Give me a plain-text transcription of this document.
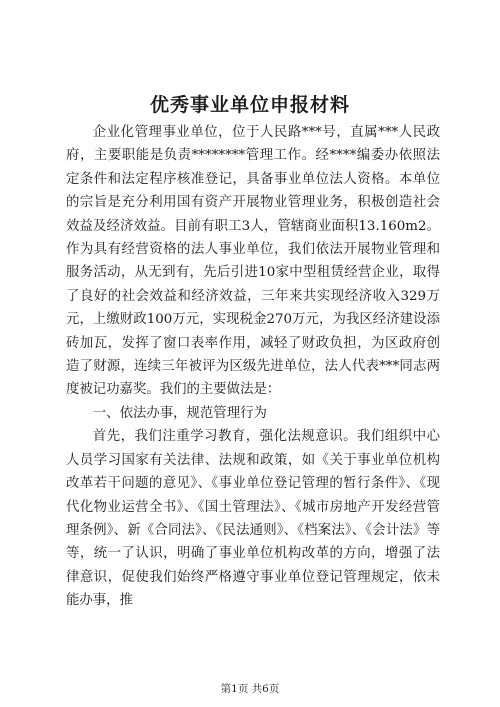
优秀事业单位申报材料

企业化管理事业单位，位于人民路***号，直属***人民政府，主要职能是负责********管理工作。经****编委办依照法定条件和法定程序核准登记，具备事业单位法人资格。本单位的宗旨是充分利用国有资产开展物业管理业务，积极创造社会效益及经济效益。目前有职工3人，管辖商业面积13.160m2。作为具有经营资格的法人事业单位，我们依法开展物业管理和服务活动，从无到有，先后引进10家中型租赁经营企业，取得了良好的社会效益和经济效益，三年来共实现经济收入329万元，上缴财政100万元，实现税金270万元，为我区经济建设添砖加瓦，发挥了窗口表率作用，减轻了财政负担，为区政府创造了财源，连续三年被评为区级先进单位，法人代表***同志两度被记功嘉奖。我们的主要做法是：

一、依法办事，规范管理行为

首先，我们注重学习教育，强化法规意识。我们组织中心人员学习国家有关法律、法规和政策，如《关于事业单位机构改革若干问题的意见》、《事业单位登记管理的暂行条件》、《现代化物业运营全书》、《国土管理法》、《城市房地产开发经营管理条例》、新《合同法》、《民法通则》、《档案法》、《会计法》等等，统一了认识，明确了事业单位机构改革的方向，增强了法律意识，促使我们始终严格遵守事业单位登记管理规定，依未能办事，推

第1页 共6页
